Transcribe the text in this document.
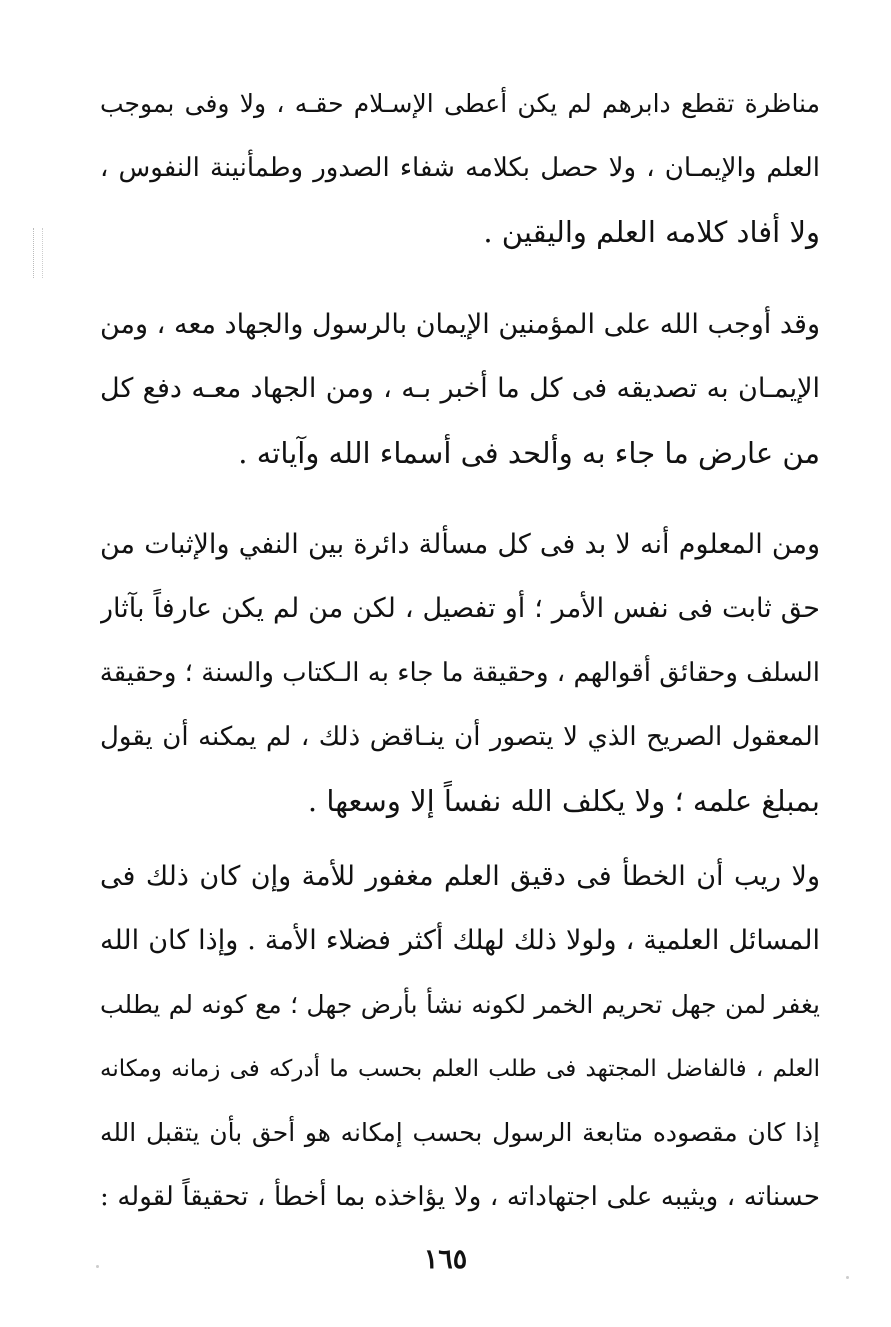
مناظرة تقطع دابرهم لم يكن أعطى الإسـلام حقـه ، ولا وفى بموجب
العلم والإيمـان ، ولا حصل بكلامه شفاء الصدور وطمأنينة النفوس ،
ولا أفاد كلامه العلم واليقين .
وقد أوجب الله على المؤمنين الإيمان بالرسول والجهاد معه ، ومن
الإيمـان به تصديقه فى كل ما أخبر بـه ، ومن الجهاد معـه دفع كل
من عارض ما جاء به وألحد فى أسماء الله وآياته .
ومن المعلوم أنه لا بد فى كل مسألة دائرة بين النفي والإثبات من
حق ثابت فى نفس الأمر ؛ أو تفصيل ، لكن من لم يكن عارفاً بآثار
السلف وحقائق أقوالهم ، وحقيقة ما جاء به الـكتاب والسنة ؛ وحقيقة
المعقول الصريح الذي لا يتصور أن ينـاقض ذلك ، لم يمكنه أن يقول
بمبلغ علمه ؛ ولا يكلف الله نفساً إلا وسعها .
ولا ريب أن الخطأ فى دقيق العلم مغفور للأمة وإن كان ذلك فى
المسائل العلمية ، ولولا ذلك لهلك أكثر فضلاء الأمة . وإذا كان الله
يغفر لمن جهل تحريم الخمر لكونه نشأ بأرض جهل ؛ مع كونه لم يطلب
العلم ، فالفاضل المجتهد فى طلب العلم بحسب ما أدركه فى زمانه ومكانه
إذا كان مقصوده متابعة الرسول بحسب إمكانه هو أحق بأن يتقبل الله
حسناته ، ويثيبه على اجتهاداته ، ولا يؤاخذه بما أخطأ ، تحقيقاً لقوله :
١٦٥
